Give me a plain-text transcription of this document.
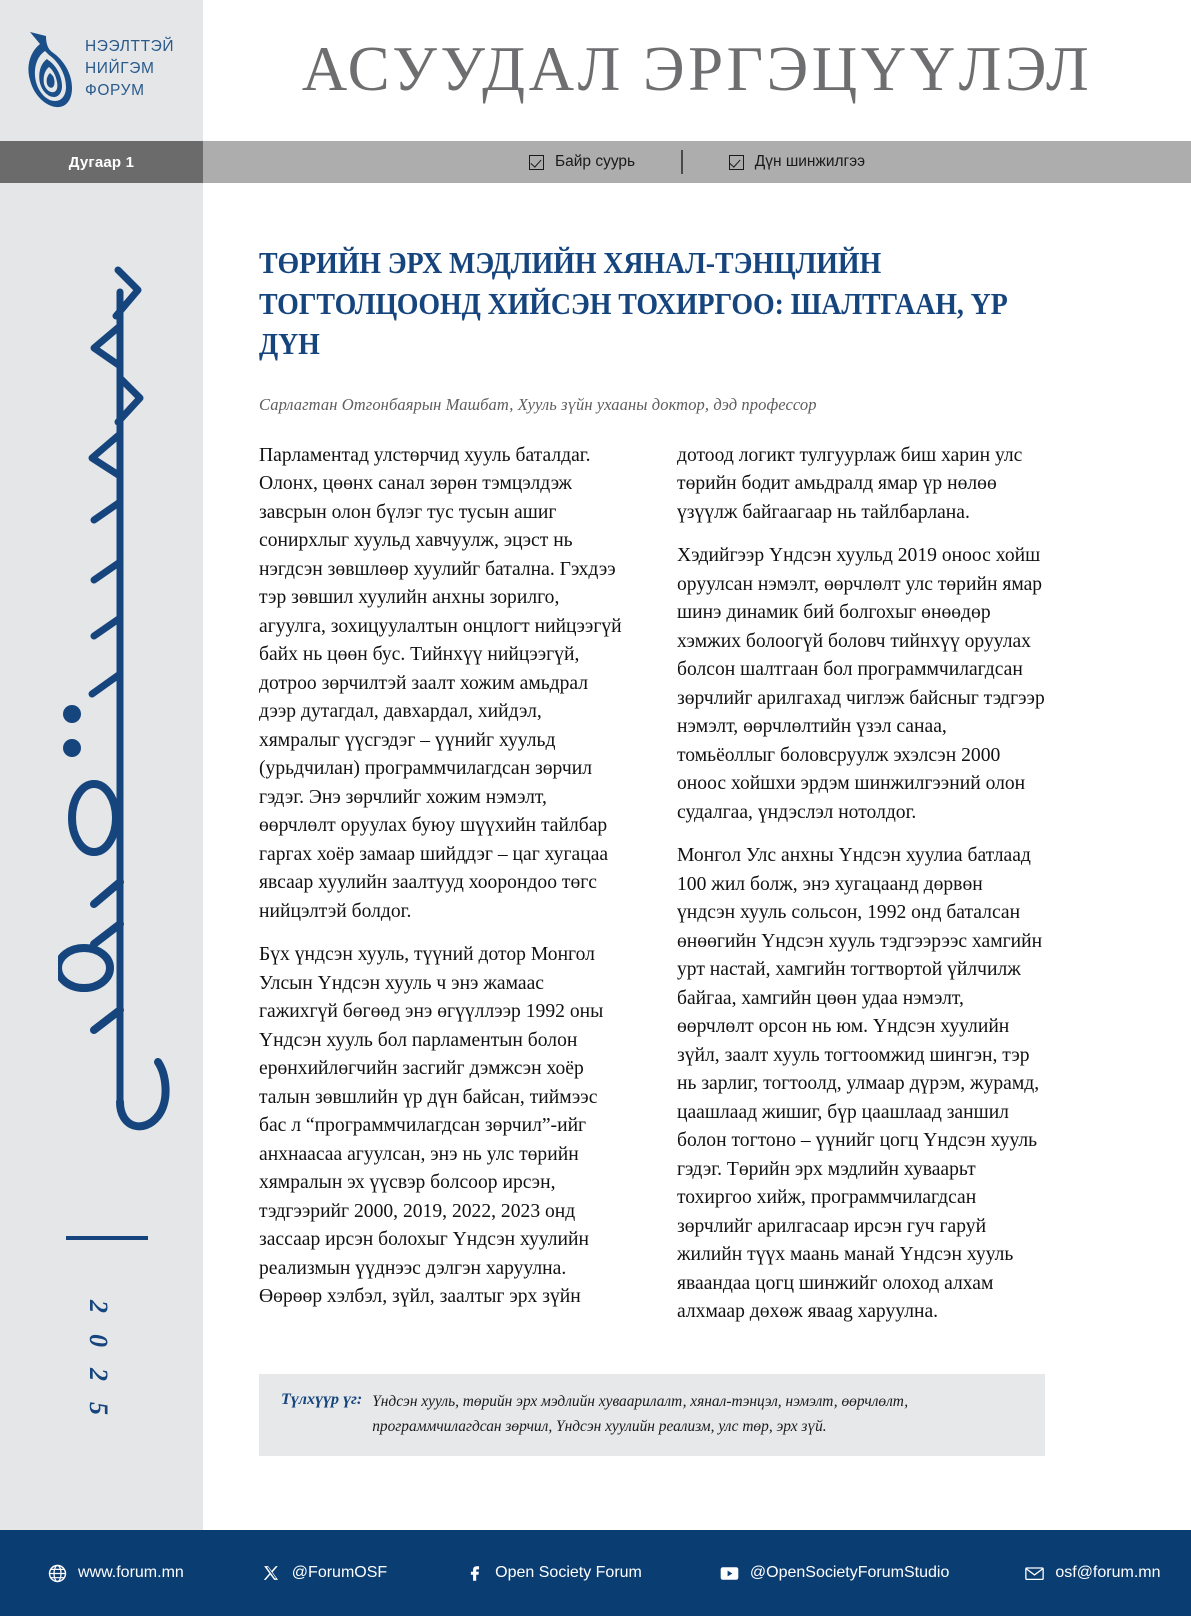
НЭЭЛТТЭЙ
НИЙГЭМ
ФОРУМ
Дугаар 1
2
0
2
5
АСУУДАЛ ЭРГЭЦҮҮЛЭЛ
Байр суурь	Дүн шинжилгээ
ТӨРИЙН ЭРХ МЭДЛИЙН ХЯНАЛ-ТЭНЦЛИЙН ТОГТОЛЦООНД ХИЙСЭН ТОХИРГОО: ШАЛТГААН, ҮР ДҮН
Сарлагтан Отгонбаярын Машбат, Хууль зүйн ухааны доктор, дэд профессор

Парламентад улстөрчид хууль баталдаг. Олонх, цөөнх санал зөрөн тэмцэлдэж завсрын олон бүлэг тус тусын ашиг сонирхлыг хуульд хавчуулж, эцэст нь нэгдсэн зөвшлөөр хуулийг баталнa. Гэхдээ тэр зөвшил хуулийн анхны зорилго, агуулга, зохицуулалтын онцлогт нийцээгүй байх нь цөөн бус. Тийнхүү нийцээгүй, дотроо зөрчилтэй заалт хожим амьдрал дээр дутагдал, давхардал, хийдэл, хямралыг үүсгэдэг – үүнийг хуульд (урьдчилан) программчилагдсан зөрчил гэдэг. Энэ зөрчлийг хожим нэмэлт, өөрчлөлт оруулах буюу шүүхийн тайлбар гаргах хоёр замаар шийддэг – цаг хугацаа явсаар хуулийн заалтууд хоорондоо төгс нийцэлтэй болдог.

Бүх үндсэн хууль, түүний дотор Монгол Улсын Үндсэн хууль ч энэ жамаас гажихгүй бөгөөд энэ өгүүллээр 1992 оны Үндсэн хууль бол парламентын болон ерөнхийлөгчийн засгийг дэмжсэн хоёр талын зөвшлийн үр дүн байсан, тиймээс бас л “программчилагдсан зөрчил”-ийг анхнаасаа агуулсан, энэ нь улс төрийн хямралын эх үүсвэр болсоор ирсэн, тэдгээрийг 2000, 2019, 2022, 2023 онд зассаар ирсэн болохыг Үндсэн хуулийн реализмын үүднээс дэлгэн харуулна. Өөрөөр хэлбэл, зүйл, заалтыг эрх зүйн дотоод логикт тулгуурлаж биш харин улс төрийн бодит амьдралд ямар үр нөлөө үзүүлж байгаагаар нь тайлбарлана.

Хэдийгээр Үндсэн хуульд 2019 оноос хойш оруулсан нэмэлт, өөрчлөлт улс төрийн ямар шинэ динамик бий болгохыг өнөөдөр хэмжих болоогүй боловч тийнхүү оруулах болсон шалтгаан бол программчилагдсан зөрчлийг арилгахад чиглэж байсныг тэдгээр нэмэлт, өөрчлөлтийн үзэл санаа, томьёоллыг боловсруулж эхэлсэн 2000 оноос хойшхи эрдэм шинжилгээний олон судалгаа, үндэслэл нотолдог.

Монгол Улс анхны Үндсэн хуулиа батлаад 100 жил болж, энэ хугацаанд дөрвөн үндсэн хууль сольсон, 1992 онд баталсан өнөөгийн Үндсэн хууль тэдгээрээс хамгийн урт настай, хамгийн тогтвортой үйлчилж байгаа, хамгийн цөөн удаа нэмэлт, өөрчлөлт орсон нь юм. Үндсэн хуулийн зүйл, заалт хууль тогтоомжид шингэн, тэр нь зарлиг, тогтоолд, улмаар дүрэм, журамд, цаашлаад жишиг, бүр цаашлаад заншил болон тогтоно – үүнийг цогц Үндсэн хууль гэдэг. Төрийн эрх мэдлийн хуваарьт тохиргоо хийж, программчилагдсан зөрчлийг арилгасаар ирсэн гуч гаруй жилийн түүх маань манай Үндсэн хууль яваандаа цогц шинжийг олоход алхам алхмаар дөхөж яваag харуулна.

Түлхүүр үг: Үндсэн хууль, төрийн эрх мэдлийн хуваарилалт, хянал-тэнцэл, нэмэлт, өөрчлөлт, программчилагдсан зөрчил, Үндсэн хуулийн реализм, улс төр, эрх зүй.
www.forum.mn	@ForumOSF	Open Society Forum	@OpenSocietyForumStudio	osf@forum.mn
